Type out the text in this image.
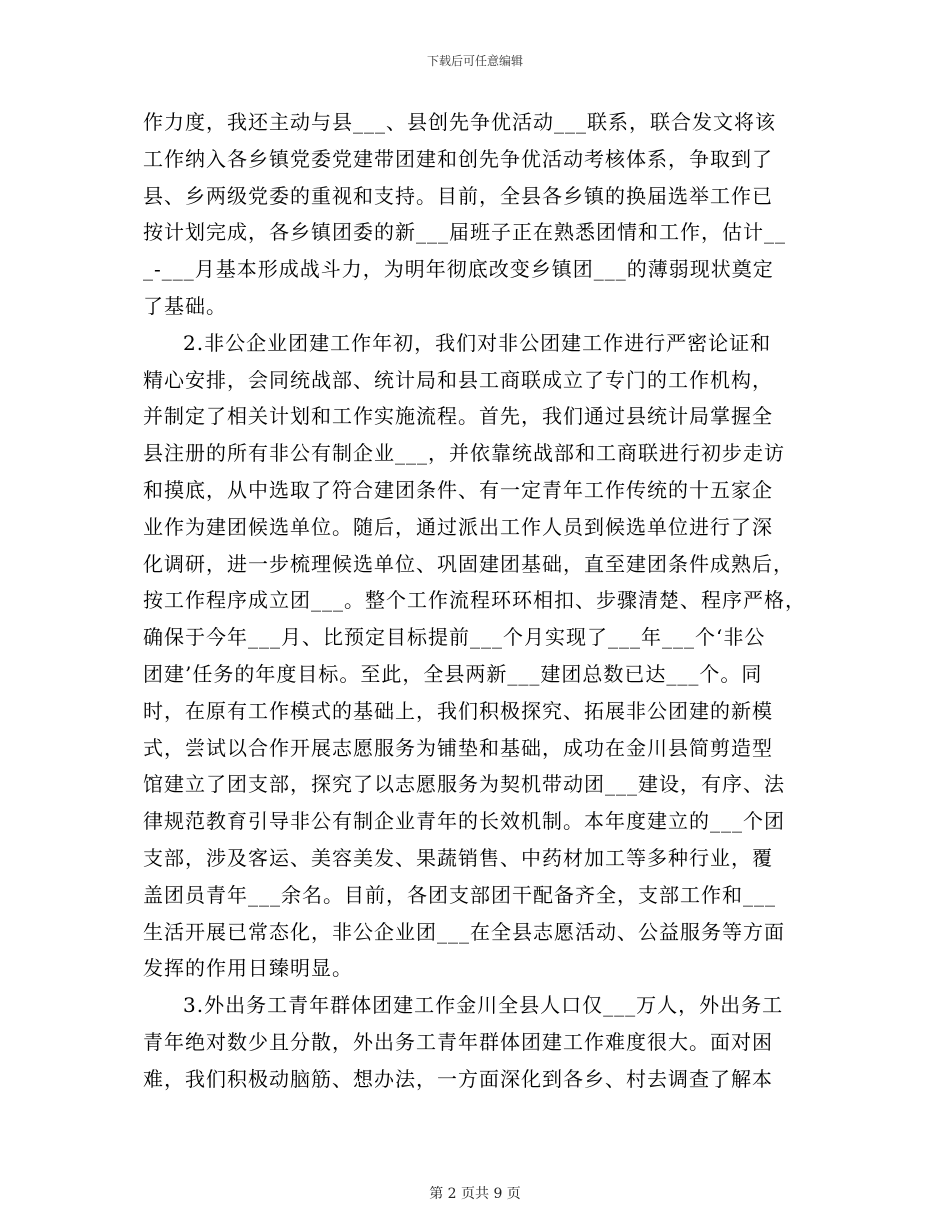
下载后可任意编辑
作力度，我还主动与县___、县创先争优活动___联系，联合发文将该
工作纳入各乡镇党委党建带团建和创先争优活动考核体系，争取到了
县、乡两级党委的重视和支持。目前，全县各乡镇的换届选举工作已
按计划完成，各乡镇团委的新___届班子正在熟悉团情和工作，估计__
_-___月基本形成战斗力，为明年彻底改变乡镇团___的薄弱现状奠定
了基础。
2.非公企业团建工作年初，我们对非公团建工作进行严密论证和
精心安排，会同统战部、统计局和县工商联成立了专门的工作机构，
并制定了相关计划和工作实施流程。首先，我们通过县统计局掌握全
县注册的所有非公有制企业___，并依靠统战部和工商联进行初步走访
和摸底，从中选取了符合建团条件、有一定青年工作传统的十五家企
业作为建团候选单位。随后，通过派出工作人员到候选单位进行了深
化调研，进一步梳理候选单位、巩固建团基础，直至建团条件成熟后，
按工作程序成立团___。整个工作流程环环相扣、步骤清楚、程序严格，
确保于今年___月、比预定目标提前___个月实现了___年___个‘非公
团建’任务的年度目标。至此，全县两新___建团总数已达___个。同
时，在原有工作模式的基础上，我们积极探究、拓展非公团建的新模
式，尝试以合作开展志愿服务为铺垫和基础，成功在金川县简剪造型
馆建立了团支部，探究了以志愿服务为契机带动团___建设，有序、法
律规范教育引导非公有制企业青年的长效机制。本年度建立的___个团
支部，涉及客运、美容美发、果蔬销售、中药材加工等多种行业，覆
盖团员青年___余名。目前，各团支部团干配备齐全，支部工作和___
生活开展已常态化，非公企业团___在全县志愿活动、公益服务等方面
发挥的作用日臻明显。
3.外出务工青年群体团建工作金川全县人口仅___万人，外出务工
青年绝对数少且分散，外出务工青年群体团建工作难度很大。面对困
难，我们积极动脑筋、想办法，一方面深化到各乡、村去调查了解本
第 2 页共 9 页
